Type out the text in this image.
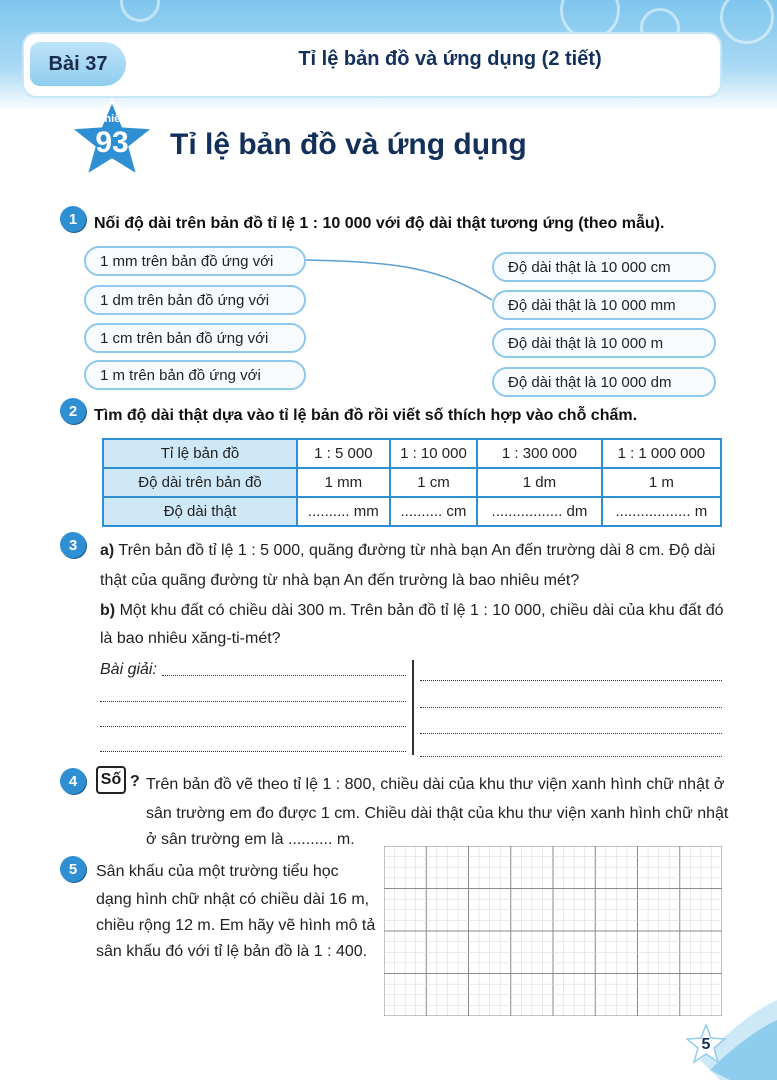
Bài 37	Tỉ lệ bản đồ và ứng dụng (2 tiết)
Phiếu
93	Tỉ lệ bản đồ và ứng dụng
1	Nối độ dài trên bản đồ tỉ lệ 1 : 10 000 với độ dài thật tương ứng (theo mẫu).
1 mm trên bản đồ ứng với
1 dm trên bản đồ ứng với
1 cm trên bản đồ ứng với
1 m trên bản đồ ứng với
Độ dài thật là 10 000 cm
Độ dài thật là 10 000 mm
Độ dài thật là 10 000 m
Độ dài thật là 10 000 dm
2	Tìm độ dài thật dựa vào tỉ lệ bản đồ rồi viết số thích hợp vào chỗ chấm.
Tỉ lệ bản đồ	1 : 5 000	1 : 10 000	1 : 300 000	1 : 1 000 000
Độ dài trên bản đồ	1 mm	1 cm	1 dm	1 m
Độ dài thật	.......... mm	.......... cm	................. dm	.................. m
3	a) Trên bản đồ tỉ lệ 1 : 5 000, quãng đường từ nhà bạn An đến trường dài 8 cm. Độ dài
thật của quãng đường từ nhà bạn An đến trường là bao nhiêu mét?
b) Một khu đất có chiều dài 300 m. Trên bản đồ tỉ lệ 1 : 10 000, chiều dài của khu đất đó
là bao nhiêu xăng-ti-mét?
Bài giải:
4	Số ? Trên bản đồ vẽ theo tỉ lệ 1 : 800, chiều dài của khu thư viện xanh hình chữ nhật ở
sân trường em đo được 1 cm. Chiều dài thật của khu thư viện xanh hình chữ nhật
ở sân trường em là .......... m.
5	Sân khấu của một trường tiểu học
dạng hình chữ nhật có chiều dài 16 m,
chiều rộng 12 m. Em hãy vẽ hình mô tả
sân khấu đó với tỉ lệ bản đồ là 1 : 400.
5
